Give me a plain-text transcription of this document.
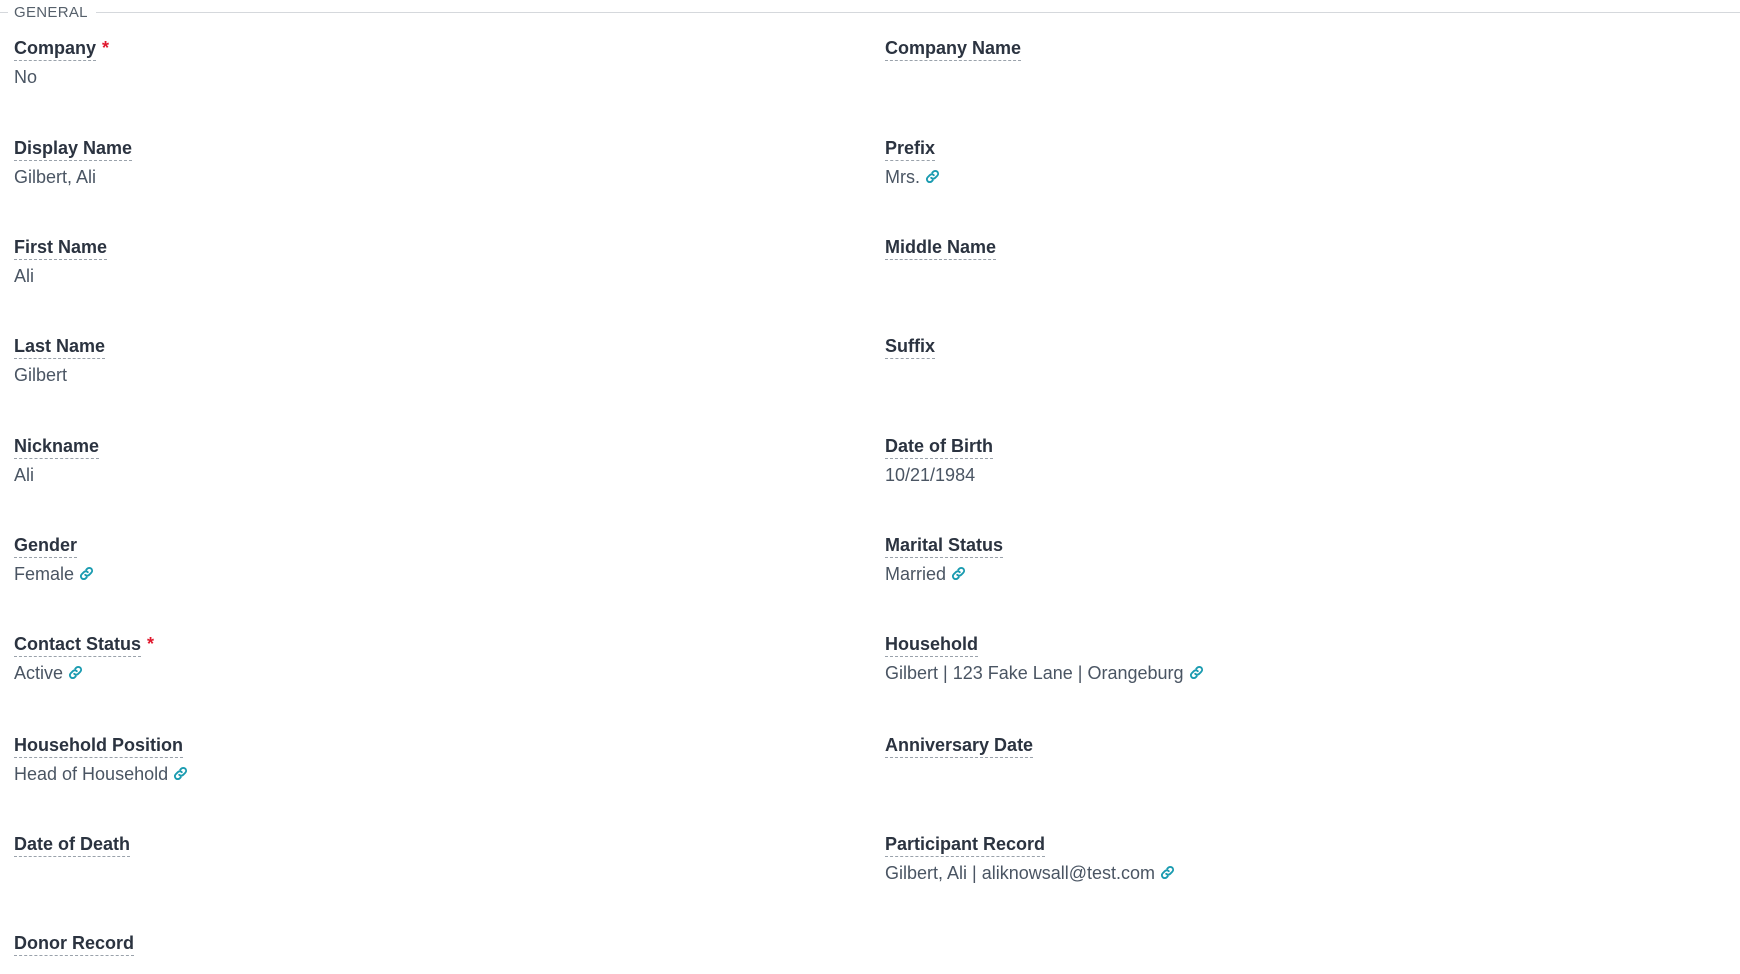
GENERAL
Company *
No
Display Name
Gilbert, Ali
First Name
Ali
Last Name
Gilbert
Nickname
Ali
Gender
Female
Contact Status *
Active
Household Position
Head of Household
Date of Death
Donor Record
Company Name
Prefix
Mrs.
Middle Name
Suffix
Date of Birth
10/21/1984
Marital Status
Married
Household
Gilbert | 123 Fake Lane | Orangeburg
Anniversary Date
Participant Record
Gilbert, Ali | aliknowsall@test.com
